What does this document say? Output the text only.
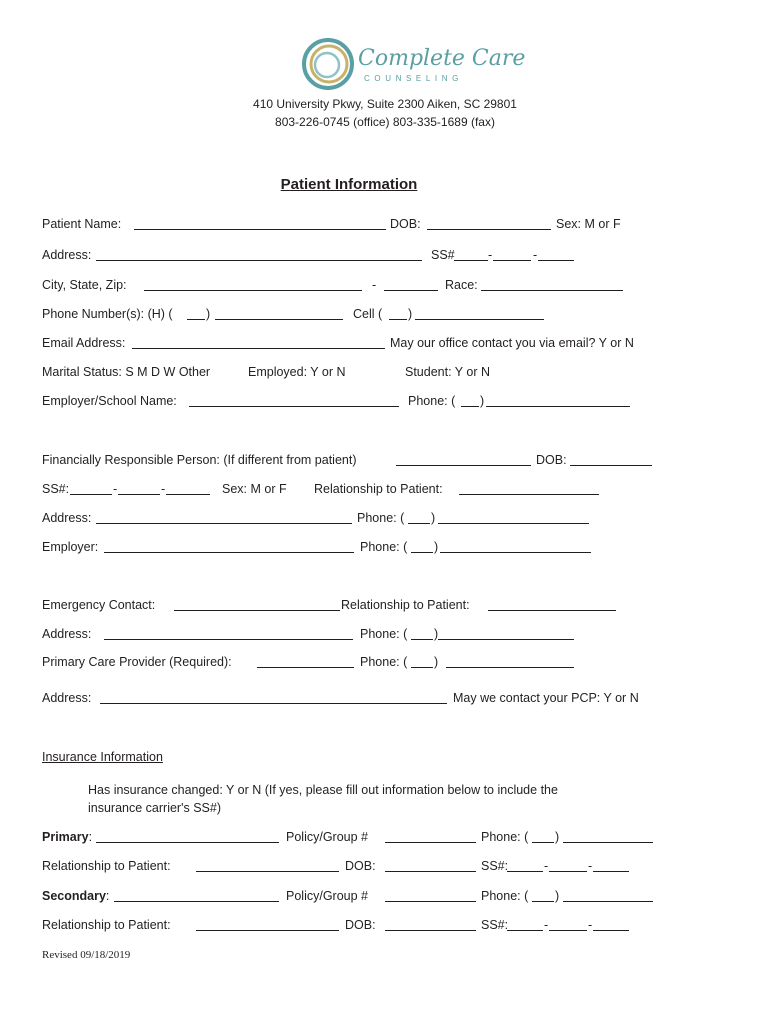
Complete Care
COUNSELING
410 University Pkwy, Suite 2300 Aiken, SC 29801
803-226-0745 (office) 803-335-1689 (fax)
Patient Information
Patient Name:	DOB:	Sex: M or F
Address:	SS#	-	-
City, State, Zip:	-	Race:
Phone Number(s): (H) (	)	Cell ( )
Email Address:	May our office contact you via email? Y or N
Marital Status: S M D W Other	Employed: Y or N	Student: Y or N
Employer/School Name:	Phone: ( )
Financially Responsible Person: (If different from patient)	DOB:
SS#:	-	-	Sex: M or F Relationship to Patient:
Address:	Phone: ( )
Employer:	Phone: ( )
Emergency Contact:	Relationship to Patient:
Address:	Phone: ( )
Primary Care Provider (Required):	Phone: ( )
Address:	May we contact your PCP: Y or N
Insurance Information
Has insurance changed: Y or N (If yes, please fill out information below to include the
insurance carrier's SS#)
Primary:	Policy/Group #	Phone: ( )
Relationship to Patient:	DOB:	SS#:	-	-
Secondary:	Policy/Group #	Phone: ( )
Relationship to Patient:	DOB:	SS#:	-	-
Revised 09/18/2019
